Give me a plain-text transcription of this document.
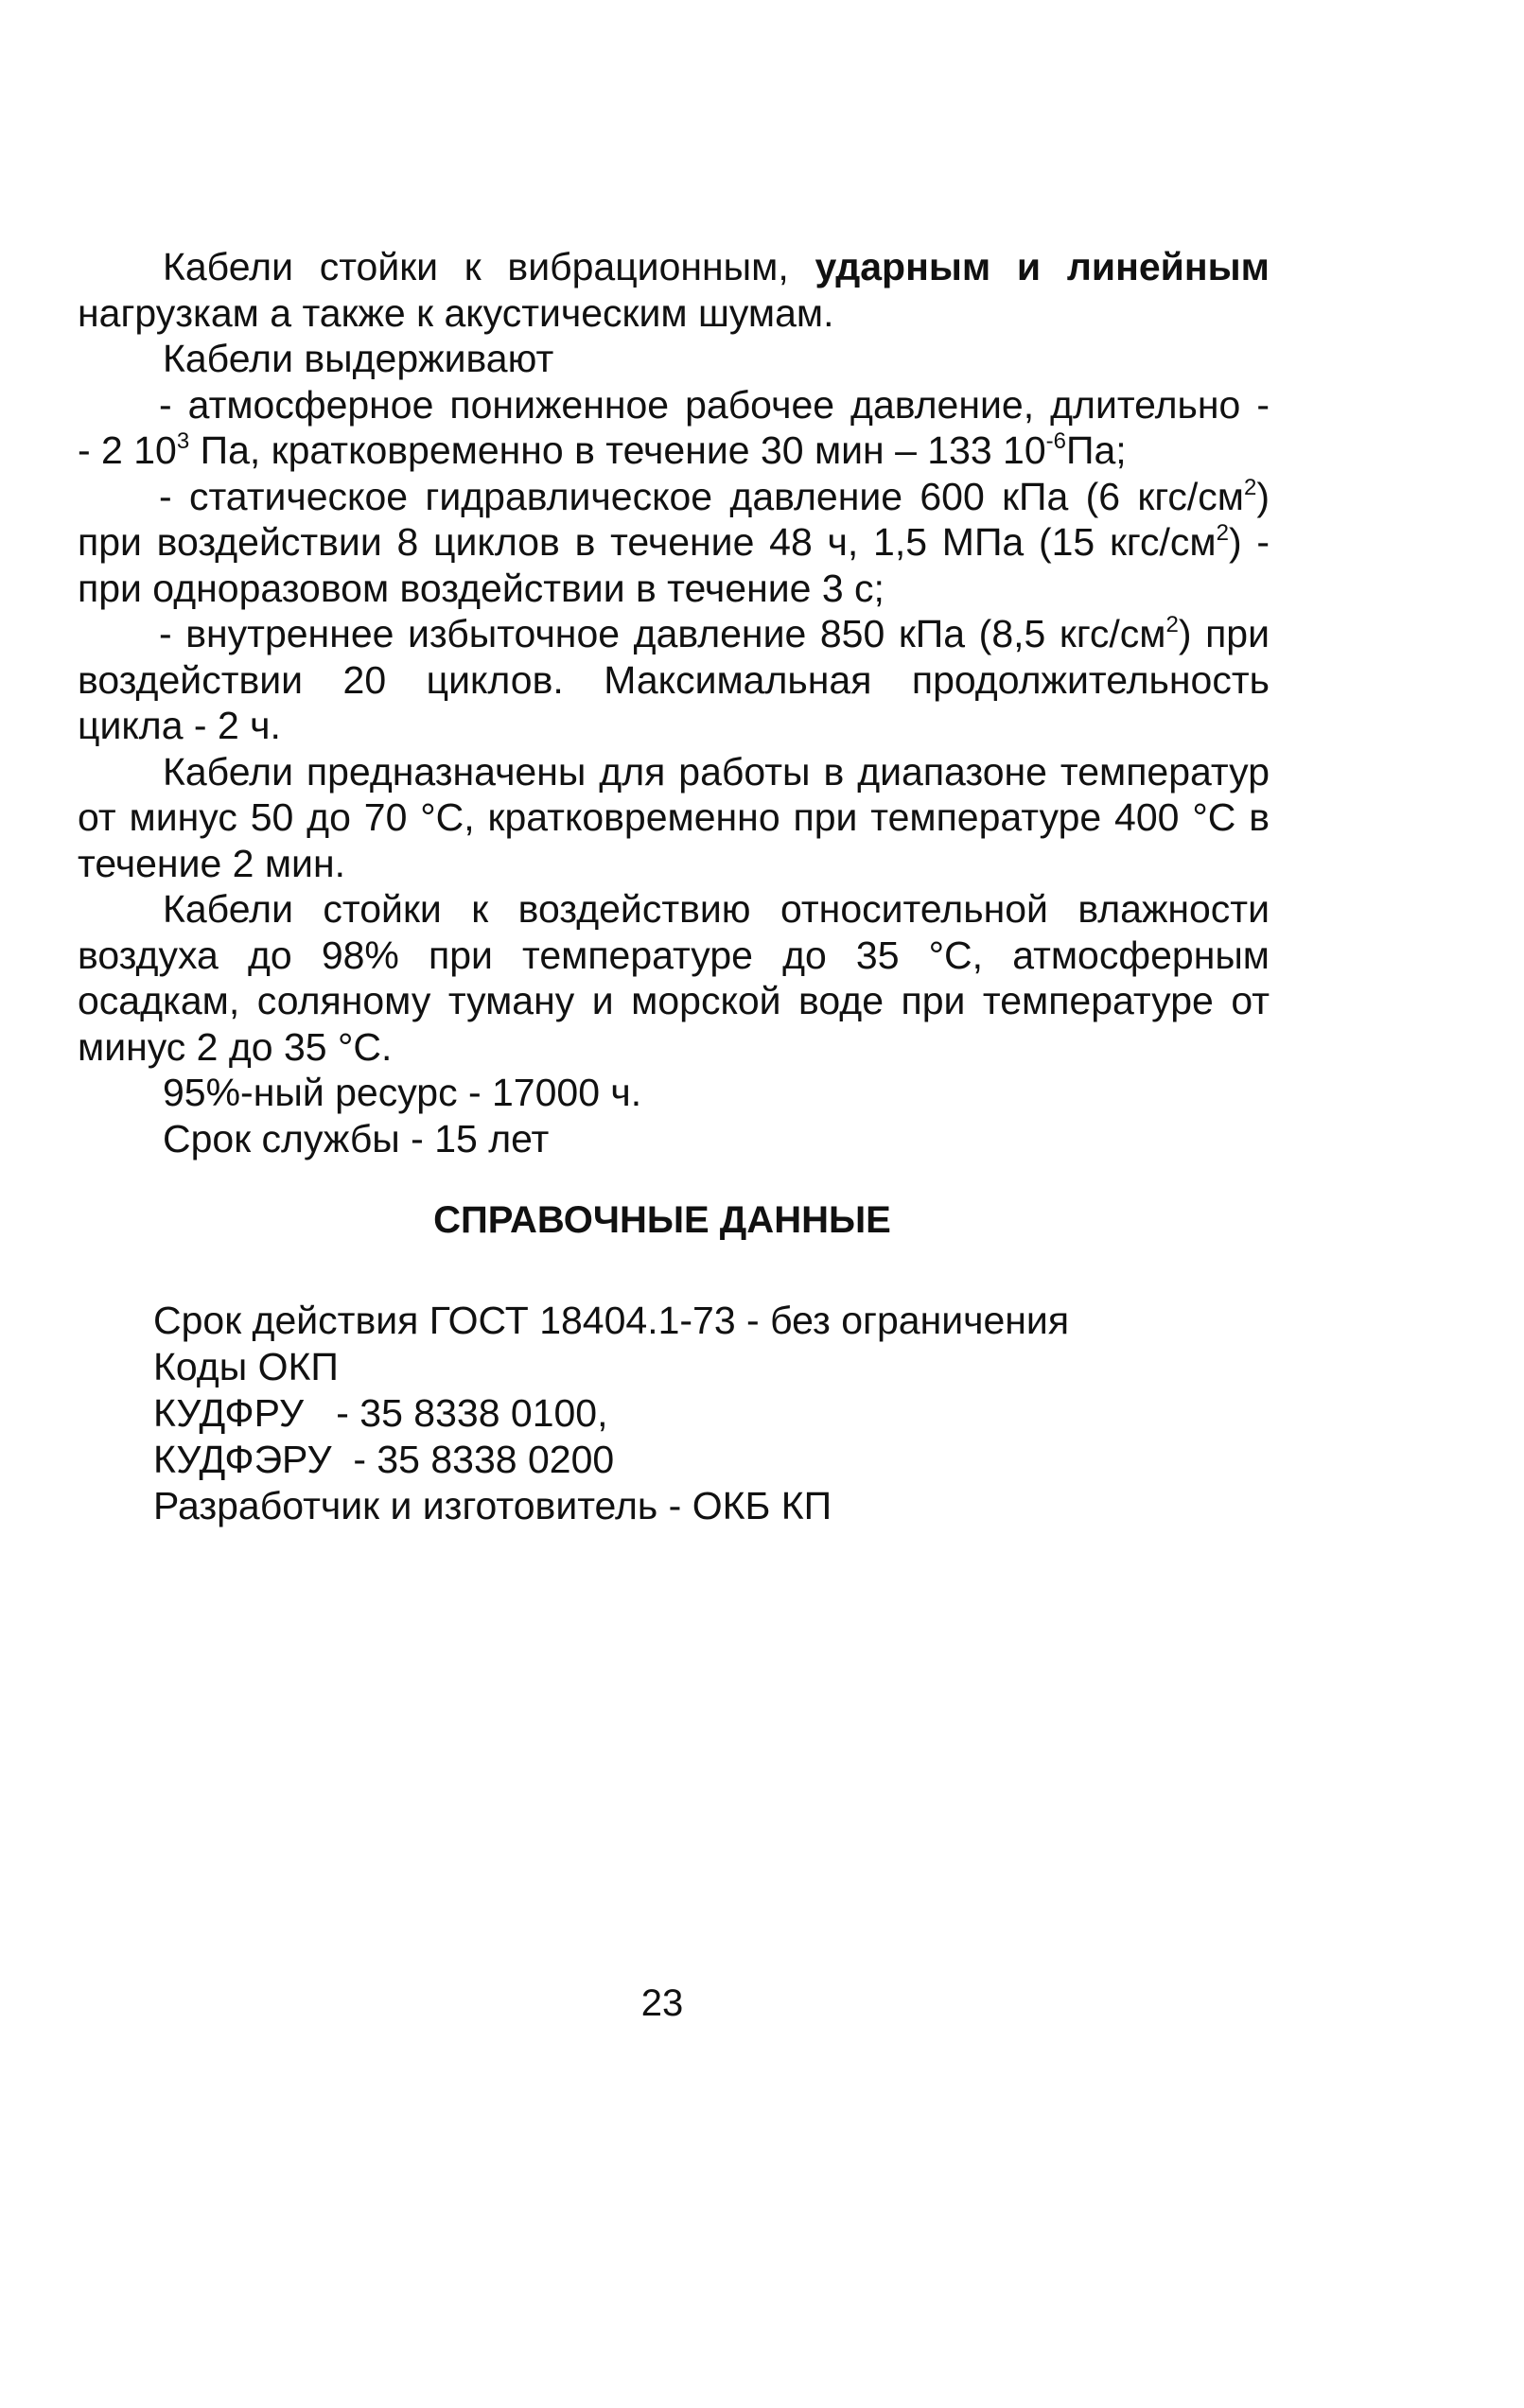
Кабели стойки к вибрационным, ударным и линейным
нагрузкам а также к акустическим шумам.
Кабели выдерживают
- атмосферное пониженное рабочее давление, длительно -
- 2 $10^3$ Па, кратковременно в течение 30 мин – 133 $10^{-6}Па$;
- статическое гидравлическое давление 600 кПа (6 кгс/$см^2$)
при воздействии 8 циклов в течение 48 ч, 1,5 МПа (15 кгс/$см^2$) -
при одноразовом воздействии в течение 3 с;
- внутреннее избыточное давление 850 кПа (8,5 кгс/$см^2$) при
воздействии 20 циклов. Максимальная продолжительность
цикла - 2 ч.
Кабели предназначены для работы в диапазоне температур
от минус 50 до 70 °С, кратковременно при температуре 400 °С в
течение 2 мин.
Кабели стойки к воздействию относительной влажности
воздуха до 98% при температуре до 35 °С, атмосферным
осадкам, соляному туману и морской воде при температуре от
минус 2 до 35 °С.
95%-ный ресурс - 17000 ч.
Срок службы - 15 лет
СПРАВОЧНЫЕ ДАННЫЕ
Срок действия ГОСТ 18404.1-73 - без ограничения
Коды ОКП
КУДФРУ   - 35 8338 0100,
КУДФЭРУ  - 35 8338 0200
Разработчик и изготовитель - ОКБ КП
23
